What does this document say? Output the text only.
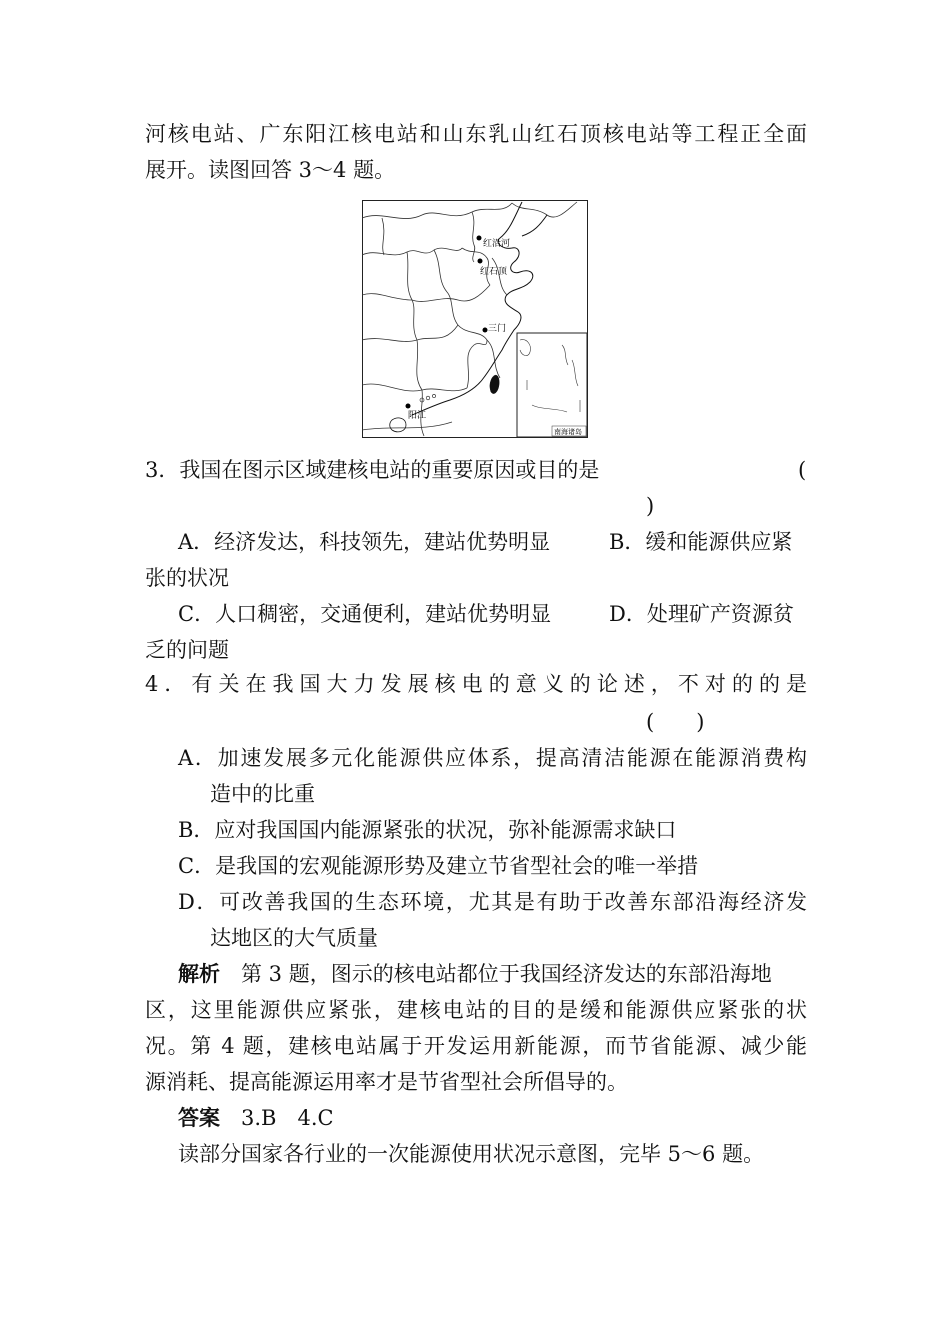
河核电站、广东阳江核电站和山东乳山红石顶核电站等工程正全面
展开。读图回答 3～4 题。
南海诸岛
红沿河
红石顶
三门
阳江
3．我国在图示区域建核电站的重要原因或目的是	(
)
A．经济发达，科技领先，建站优势明显	B．缓和能源供应紧
张的状况
C．人口稠密，交通便利，建站优势明显	D．处理矿产资源贫
乏的问题
4．有关在我国大力发展核电的意义的论述，不对的的是
(　　)
A．加速发展多元化能源供应体系，提高清洁能源在能源消费构
造中的比重
B．应对我国国内能源紧张的状况，弥补能源需求缺口
C．是我国的宏观能源形势及建立节省型社会的唯一举措
D．可改善我国的生态环境，尤其是有助于改善东部沿海经济发
达地区的大气质量
解析　第 3 题，图示的核电站都位于我国经济发达的东部沿海地
区，这里能源供应紧张，建核电站的目的是缓和能源供应紧张的状
况。第 4 题，建核电站属于开发运用新能源，而节省能源、减少能
源消耗、提高能源运用率才是节省型社会所倡导的。
答案　3.B　4.C
读部分国家各行业的一次能源使用状况示意图，完毕 5～6 题。
